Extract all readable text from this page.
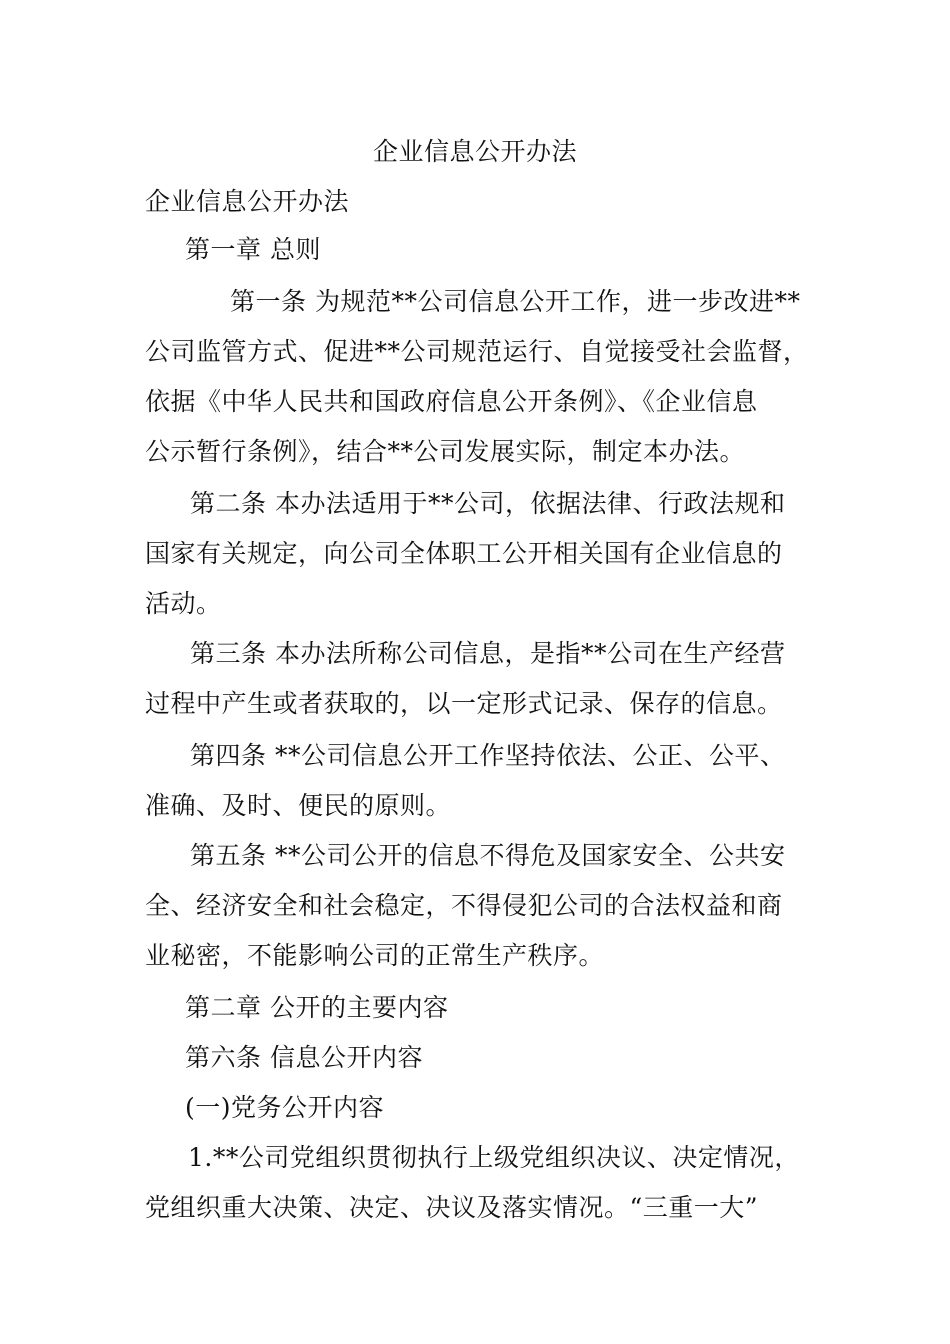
企业信息公开办法
企业信息公开办法
第一章 总则
第一条 为规范**公司信息公开工作，进一步改进**
公司监管方式、促进**公司规范运行、自觉接受社会监督，
依据《中华人民共和国政府信息公开条例》、《企业信息
公示暂行条例》，结合**公司发展实际，制定本办法。
第二条 本办法适用于**公司，依据法律、行政法规和
国家有关规定，向公司全体职工公开相关国有企业信息的
活动。
第三条 本办法所称公司信息，是指**公司在生产经营
过程中产生或者获取的，以一定形式记录、保存的信息。
第四条 **公司信息公开工作坚持依法、公正、公平、
准确、及时、便民的原则。
第五条 **公司公开的信息不得危及国家安全、公共安
全、经济安全和社会稳定，不得侵犯公司的合法权益和商
业秘密，不能影响公司的正常生产秩序。
第二章 公开的主要内容
第六条 信息公开内容
(一)党务公开内容
1.**公司党组织贯彻执行上级党组织决议、决定情况，
党组织重大决策、决定、决议及落实情况。“三重一大”
